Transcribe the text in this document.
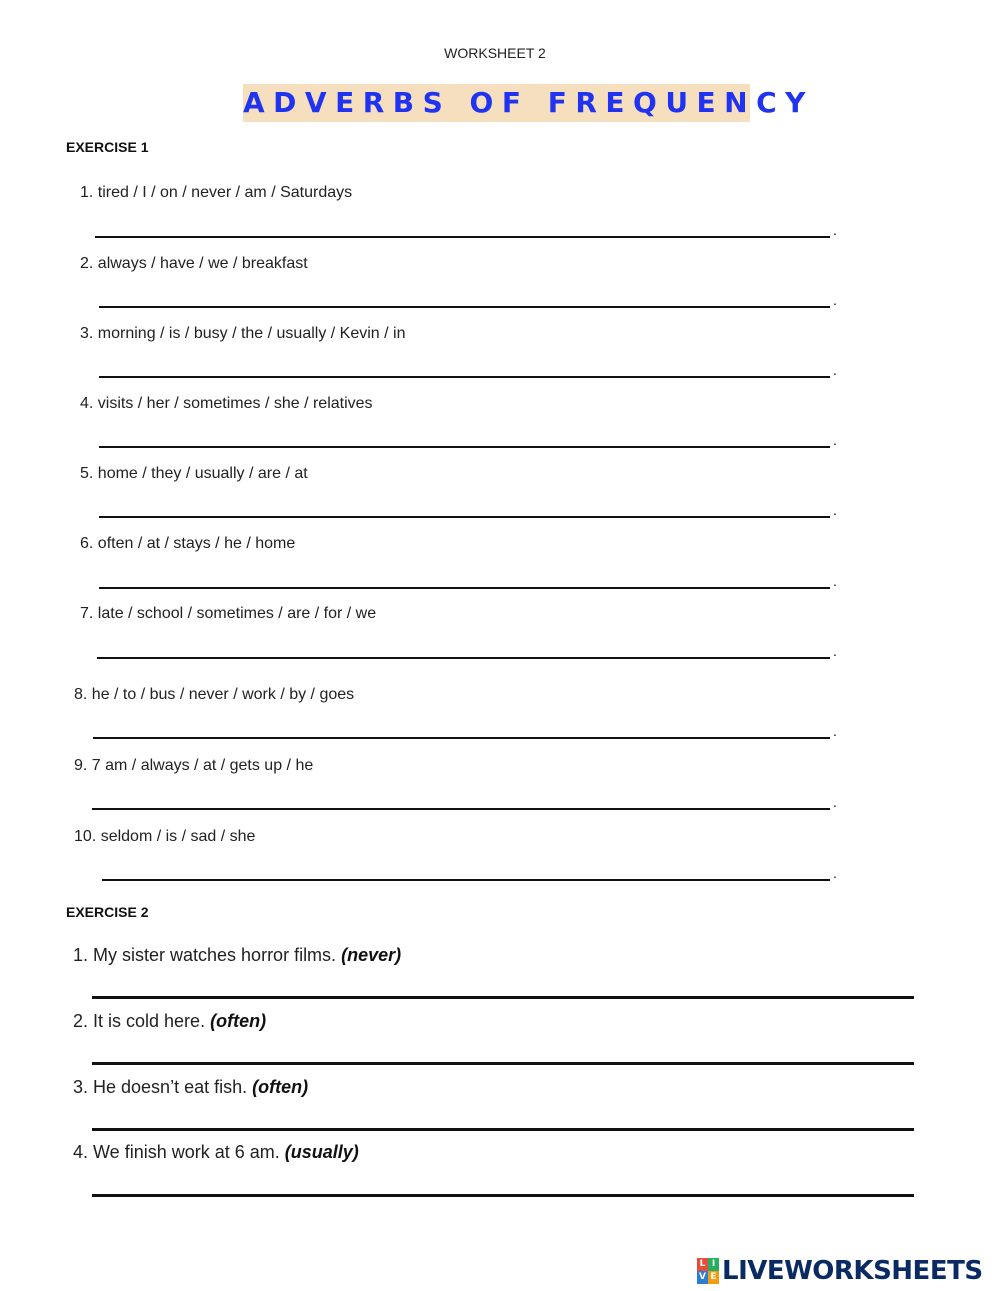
WORKSHEET 2
ADVERBS OF FREQUENCY
EXERCISE 1
1. tired / I / on / never / am / Saturdays
.
2. always / have / we / breakfast
.
3. morning / is / busy / the / usually / Kevin / in
.
4. visits / her / sometimes / she / relatives
.
5. home / they / usually / are / at
.
6. often / at / stays / he / home
.
7. late / school / sometimes / are / for / we
.
8. he / to / bus / never / work / by / goes
.
9. 7 am / always / at / gets up / he
.
10. seldom / is / sad / she
.
EXERCISE 2
1. My sister watches horror films. (never)
2. It is cold here. (often)
3. He doesn’t eat fish. (often)
4. We finish work at 6 am. (usually)
L I
V E LIVEWORKSHEETS
